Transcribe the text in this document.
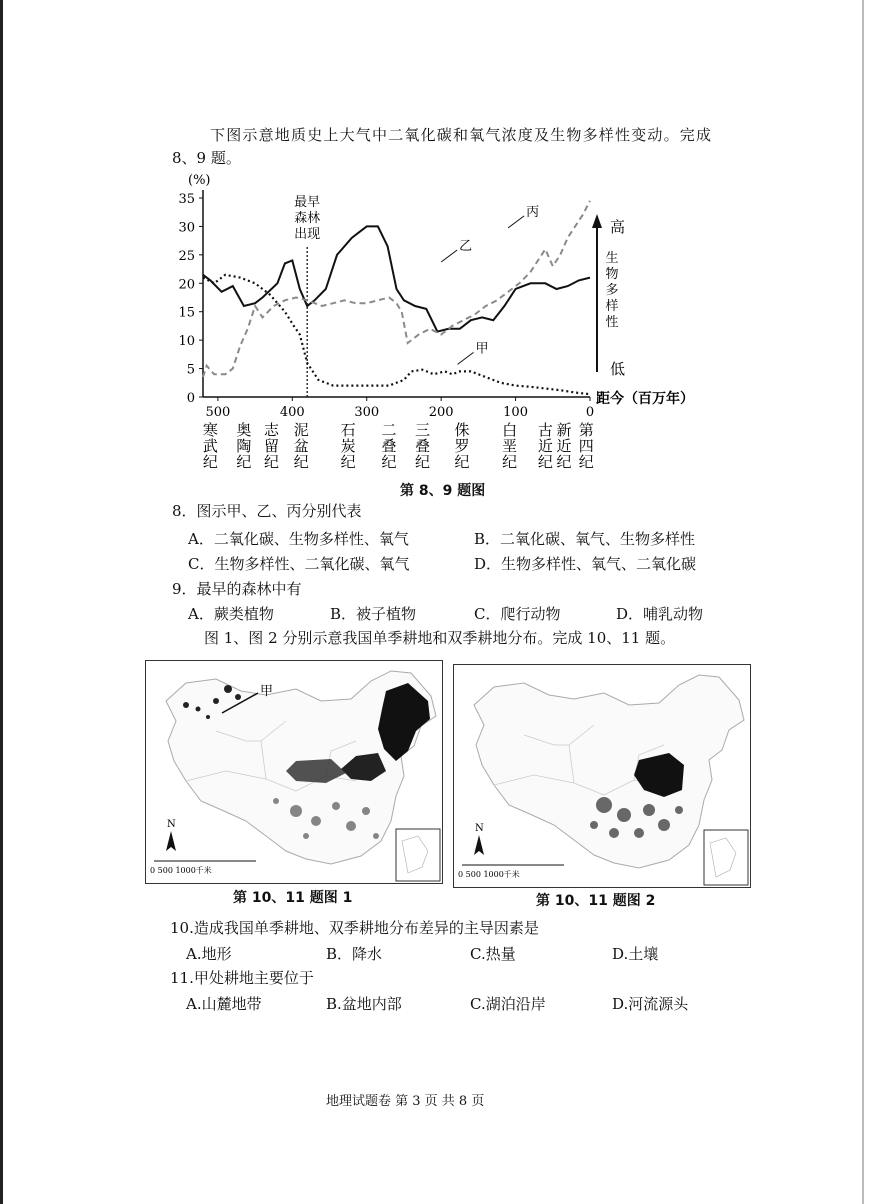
下图示意地质史上大气中二氧化碳和氧气浓度及生物多样性变动。完成
8、9 题。
(%)
0
5
10
15
20
25
30
35
500	400	300	200	100	0
距今（百万年）
最早
森林
出现	高
低
生
物
多
样
性
寒
武
纪
奥
陶
纪
志
留
纪
泥
盆
纪
石
炭
纪
二
叠
纪
三
叠
纪
侏
罗
纪
白
垩
纪
古
近
纪
新
近
纪
第
四
纪
甲
乙
丙
第 8、9 题图
8．图示甲、乙、丙分别代表
A．二氧化碳、生物多样性、氧气	B．二氧化碳、氧气、生物多样性
C．生物多样性、二氧化碳、氧气	D．生物多样性、氧气、二氧化碳
9．最早的森林中有
A．蕨类植物	B．被子植物	C．爬行动物	D．哺乳动物
图 1、图 2 分别示意我国单季耕地和双季耕地分布。完成 10、11 题。
甲
N
0 500 1000千米
第 10、11 题图 1
N
0 500 1000千米
第 10、11 题图 2
10.造成我国单季耕地、双季耕地分布差异的主导因素是
A.地形	B．降水	C.热量	D.土壤
11.甲处耕地主要位于
A.山麓地带	B.盆地内部	C.湖泊沿岸	D.河流源头
地理试题卷 第 3 页 共 8 页
